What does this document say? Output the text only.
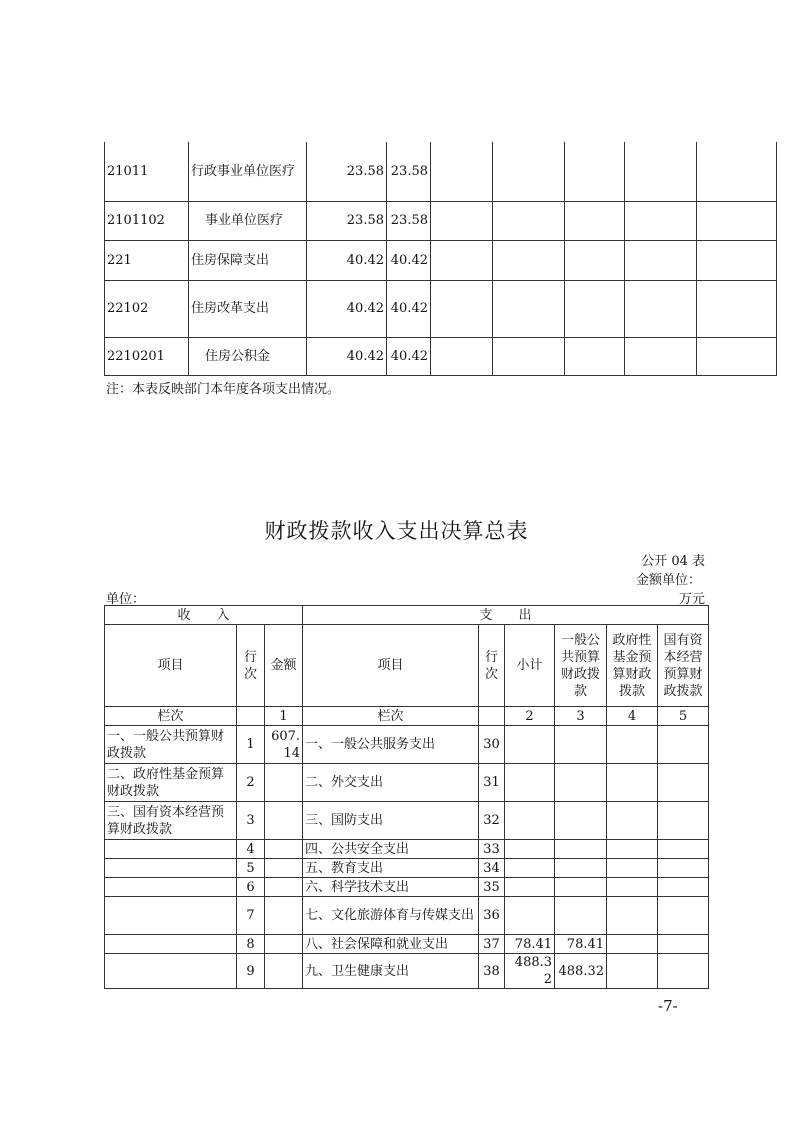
21011	行政事业单位医疗	23.58	23.58					
2101102	事业单位医疗	23.58	23.58					
221	住房保障支出	40.42	40.42					
22102	住房改革支出	40.42	40.42					
2210201	住房公积金	40.42	40.42					
注：本表反映部门本年度各项支出情况。
财政拨款收入支出决算总表
公开 04 表
金额单位：
万元
单位：
收　　入			支　　出					
项目	行次	金额	项目	行次	小计	一般公共预算财政拨款	政府性基金预算财政拨款	国有资本经营预算财政拨款
栏次		1	栏次		2	3	4	5
一、一般公共预算财政拨款	1	607.14	一、一般公共服务支出	30				
二、政府性基金预算财政拨款	2		二、外交支出	31				
三、国有资本经营预算财政拨款	3		三、国防支出	32				
	4		四、公共安全支出	33				
	5		五、教育支出	34				
	6		六、科学技术支出	35				
	7		七、文化旅游体育与传媒支出	36				
	8		八、社会保障和就业支出	37	78.41	78.41		
	9		九、卫生健康支出	38	488.32	488.32		
-7-
